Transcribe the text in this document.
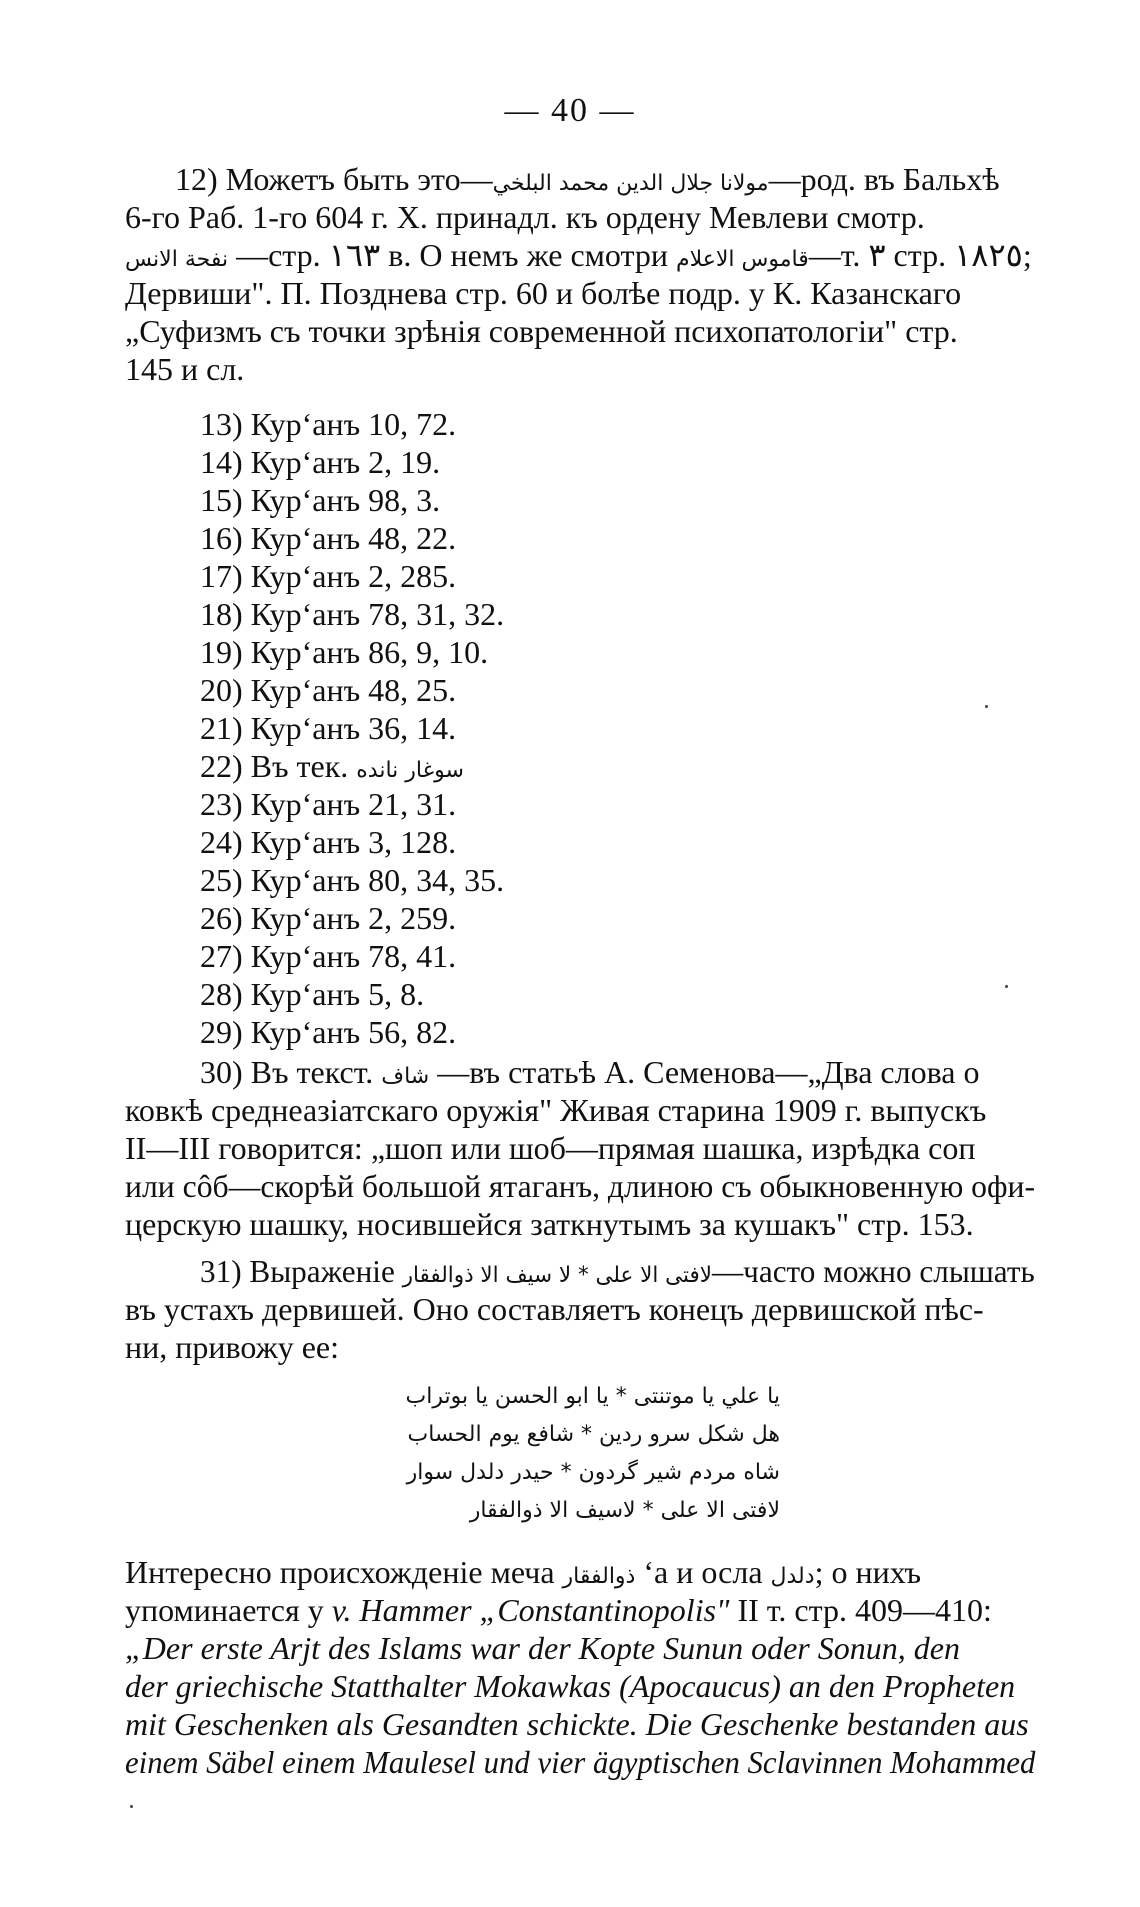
— 40 —
12) Можетъ быть это—مولانا جلال الدين محمد البلخي—род. въ Бальхѣ
6-го Раб. 1-го 604 г. Х. принадл. къ ордену Мевлеви смотр.
نفحة الانس —стр. ١٦٣ в. О немъ же смотри قاموس الاعلام—т. ٣ стр. ١٨٢٥;
Дервиши". П. Позднева стр. 60 и болѣе подр. у К. Казанскаго
„Суфизмъ съ точки зрѣнія современной психопатологіи" стр.
145 и сл.
13) Кур‘анъ 10, 72.
14) Кур‘анъ 2, 19.
15) Кур‘анъ 98, 3.
16) Кур‘анъ 48, 22.
17) Кур‘анъ 2, 285.
18) Кур‘анъ 78, 31, 32.
19) Кур‘анъ 86, 9, 10.
20) Кур‘анъ 48, 25.
21) Кур‘анъ 36, 14.
22) Въ тек. سوغار نانده
23) Кур‘анъ 21, 31.
24) Кур‘анъ 3, 128.
25) Кур‘анъ 80, 34, 35.
26) Кур‘анъ 2, 259.
27) Кур‘анъ 78, 41.
28) Кур‘анъ 5, 8.
29) Кур‘анъ 56, 82.
30) Въ текст. شاف —въ статьѣ А. Семенова—„Два слова о
ковкѣ среднеазіатскаго оружія" Живая старина 1909 г. выпускъ
II—III говорится: „шоп или шоб—прямая шашка, изрѣдка соп
или сôб—скорѣй большой ятаганъ, длиною съ обыкновенную офи-
церскую шашку, носившейся заткнутымъ за кушакъ" стр. 153.
31) Выраженіе لافتى الا على * لا سيف الا ذوالفقار—часто можно слышать
въ устахъ дервишей. Оно составляетъ конецъ дервишской пѣс-
ни, привожу ее:
يا علي يا موتنتى * يا ابو الحسن يا بوتراب
هل شكل سرو ردين * شافع يوم الحساب
شاه مردم شير گردون * حيدر دلدل سوار
لافتى الا على * لاسيف الا ذوالفقار
Интересно происхожденіе меча ذوالفقار ‘а и осла دلدل; о нихъ
упоминается у v. Hammer „Constantinopolis" II т. стр. 409—410:
„Der erste Arjt des Islams war der Kopte Sunun oder Sonun, den
der griechische Statthalter Mokawkas (Apocaucus) an den Propheten
mit Geschenken als Gesandten schickte. Die Geschenke bestanden aus
einem Säbel einem Maulesel und vier ägyptischen Sclavinnen Mohammed
